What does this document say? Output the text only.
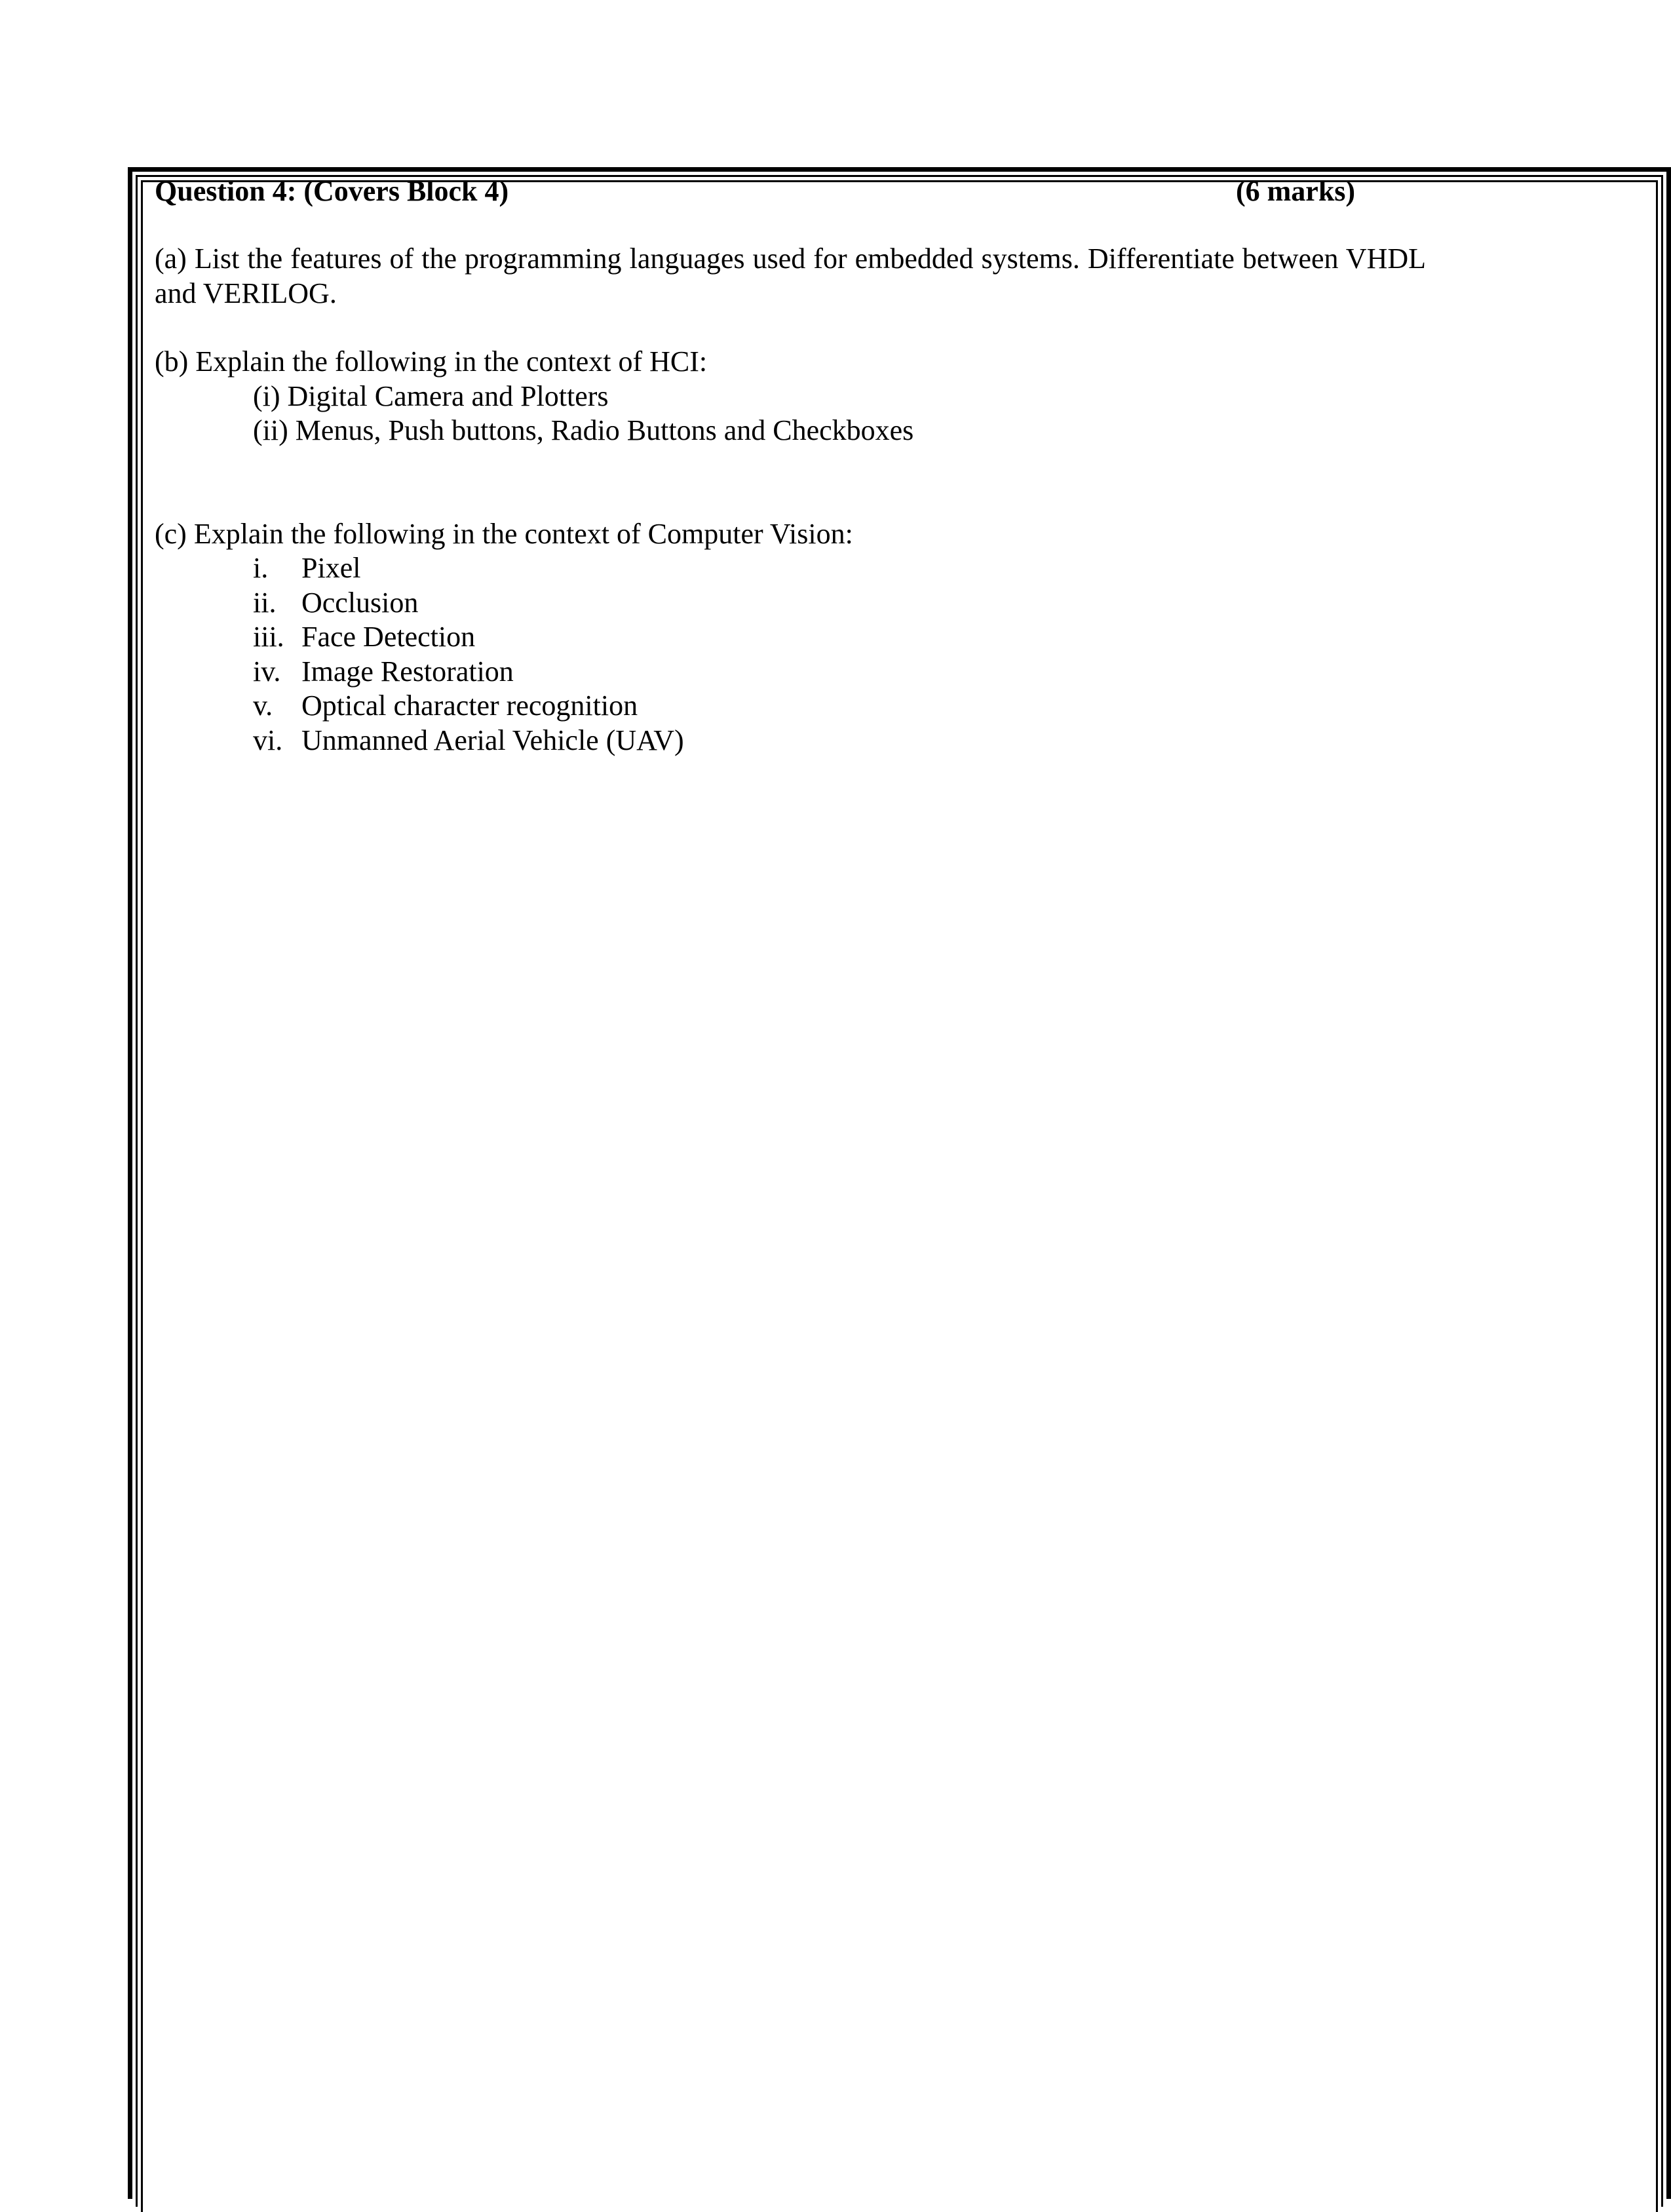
Question 4: (Covers Block 4)	(6 marks)
(a) List the features of the programming languages used for embedded systems. Differentiate between VHDL and VERILOG.
(b) Explain the following in the context of HCI:
(i) Digital Camera and Plotters
(ii) Menus, Push buttons, Radio Buttons and Checkboxes
(c) Explain the following in the context of Computer Vision:
i. Pixel
ii. Occlusion
iii. Face Detection
iv. Image Restoration
v. Optical character recognition
vi. Unmanned Aerial Vehicle (UAV)
